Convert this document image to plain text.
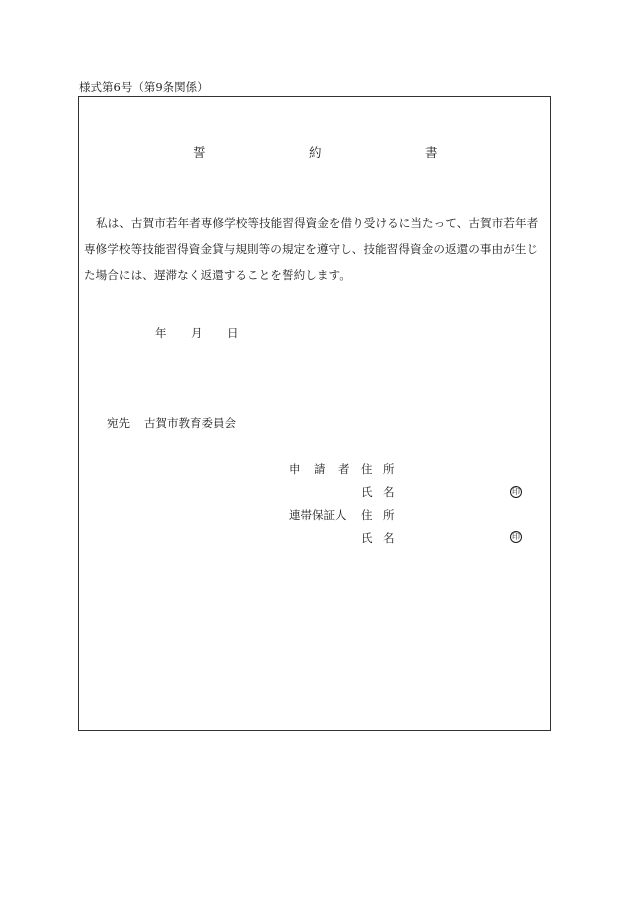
様式第6号（第9条関係）
誓	約	書
私は、古賀市若年者専修学校等技能習得資金を借り受けるに当たって、古賀市若年者
専修学校等技能習得資金貸与規則等の規定を遵守し、技能習得資金の返還の事由が生じ
た場合には、遅滞なく返還することを誓約します。
年 月 日
宛先 古賀市教育委員会
申 請 者 住 所
氏 名	印
連帯保証人 住 所
氏 名	印
